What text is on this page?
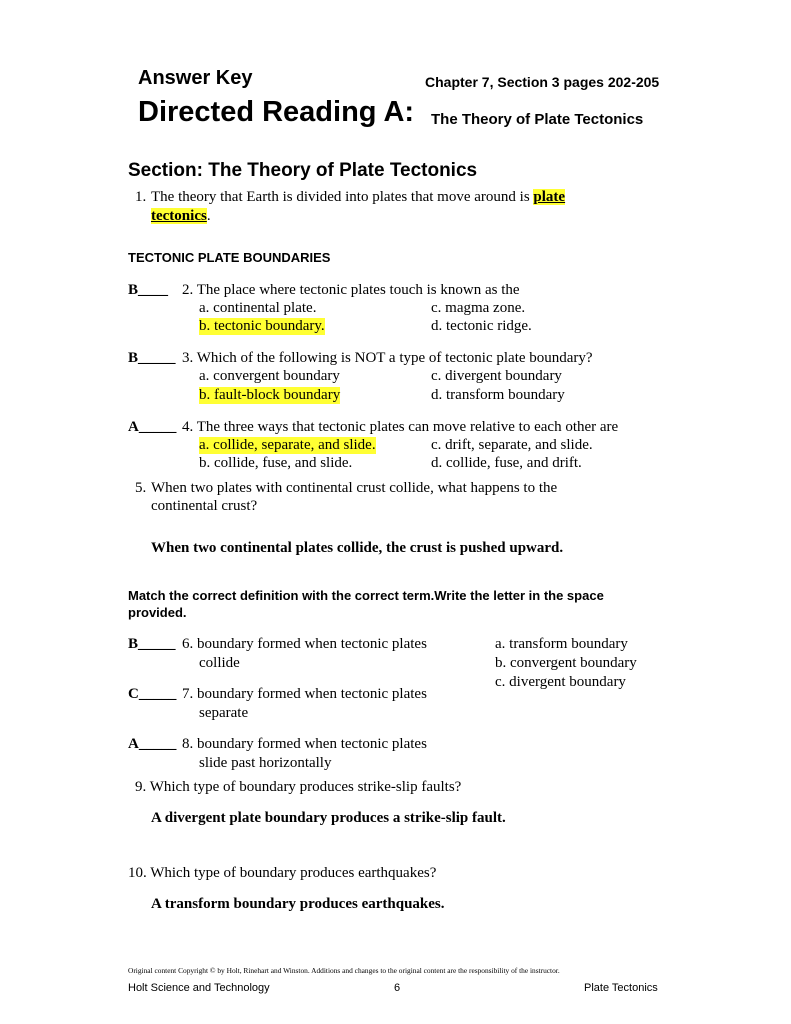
Answer Key	Chapter 7, Section 3 pages 202-205
Directed Reading A: The Theory of Plate Tectonics
Section: The Theory of Plate Tectonics
1. The theory that Earth is divided into plates that move around is plate
tectonics.
TECTONIC PLATE BOUNDARIES
B____ 2. The place where tectonic plates touch is known as the
a. continental plate.
b. tectonic boundary.
c. magma zone.
d. tectonic ridge.
B_____ 3. Which of the following is NOT a type of tectonic plate boundary?
a. convergent boundary
b. fault-block boundary
c. divergent boundary
d. transform boundary
A_____ 4. The three ways that tectonic plates can move relative to each other are
a. collide, separate, and slide.
b. collide, fuse, and slide.
c. drift, separate, and slide.
d. collide, fuse, and drift.
5. When two plates with continental crust collide, what happens to the
continental crust?
When two continental plates collide, the crust is pushed upward.
Match the correct definition with the correct term.Write the letter in the space
provided.
a. transform boundary
b. convergent boundary
c. divergent boundary
B_____ 6. boundary formed when tectonic plates
collide
C_____ 7. boundary formed when tectonic plates
separate
A_____ 8. boundary formed when tectonic plates
slide past horizontally
9. Which type of boundary produces strike-slip faults?
A divergent plate boundary produces a strike-slip fault.
10. Which type of boundary produces earthquakes?
A transform boundary produces earthquakes.
Original content Copyright © by Holt, Rinehart and Winston. Additions and changes to the original content are the responsibility of the instructor.
Holt Science and Technology	6	Plate Tectonics
